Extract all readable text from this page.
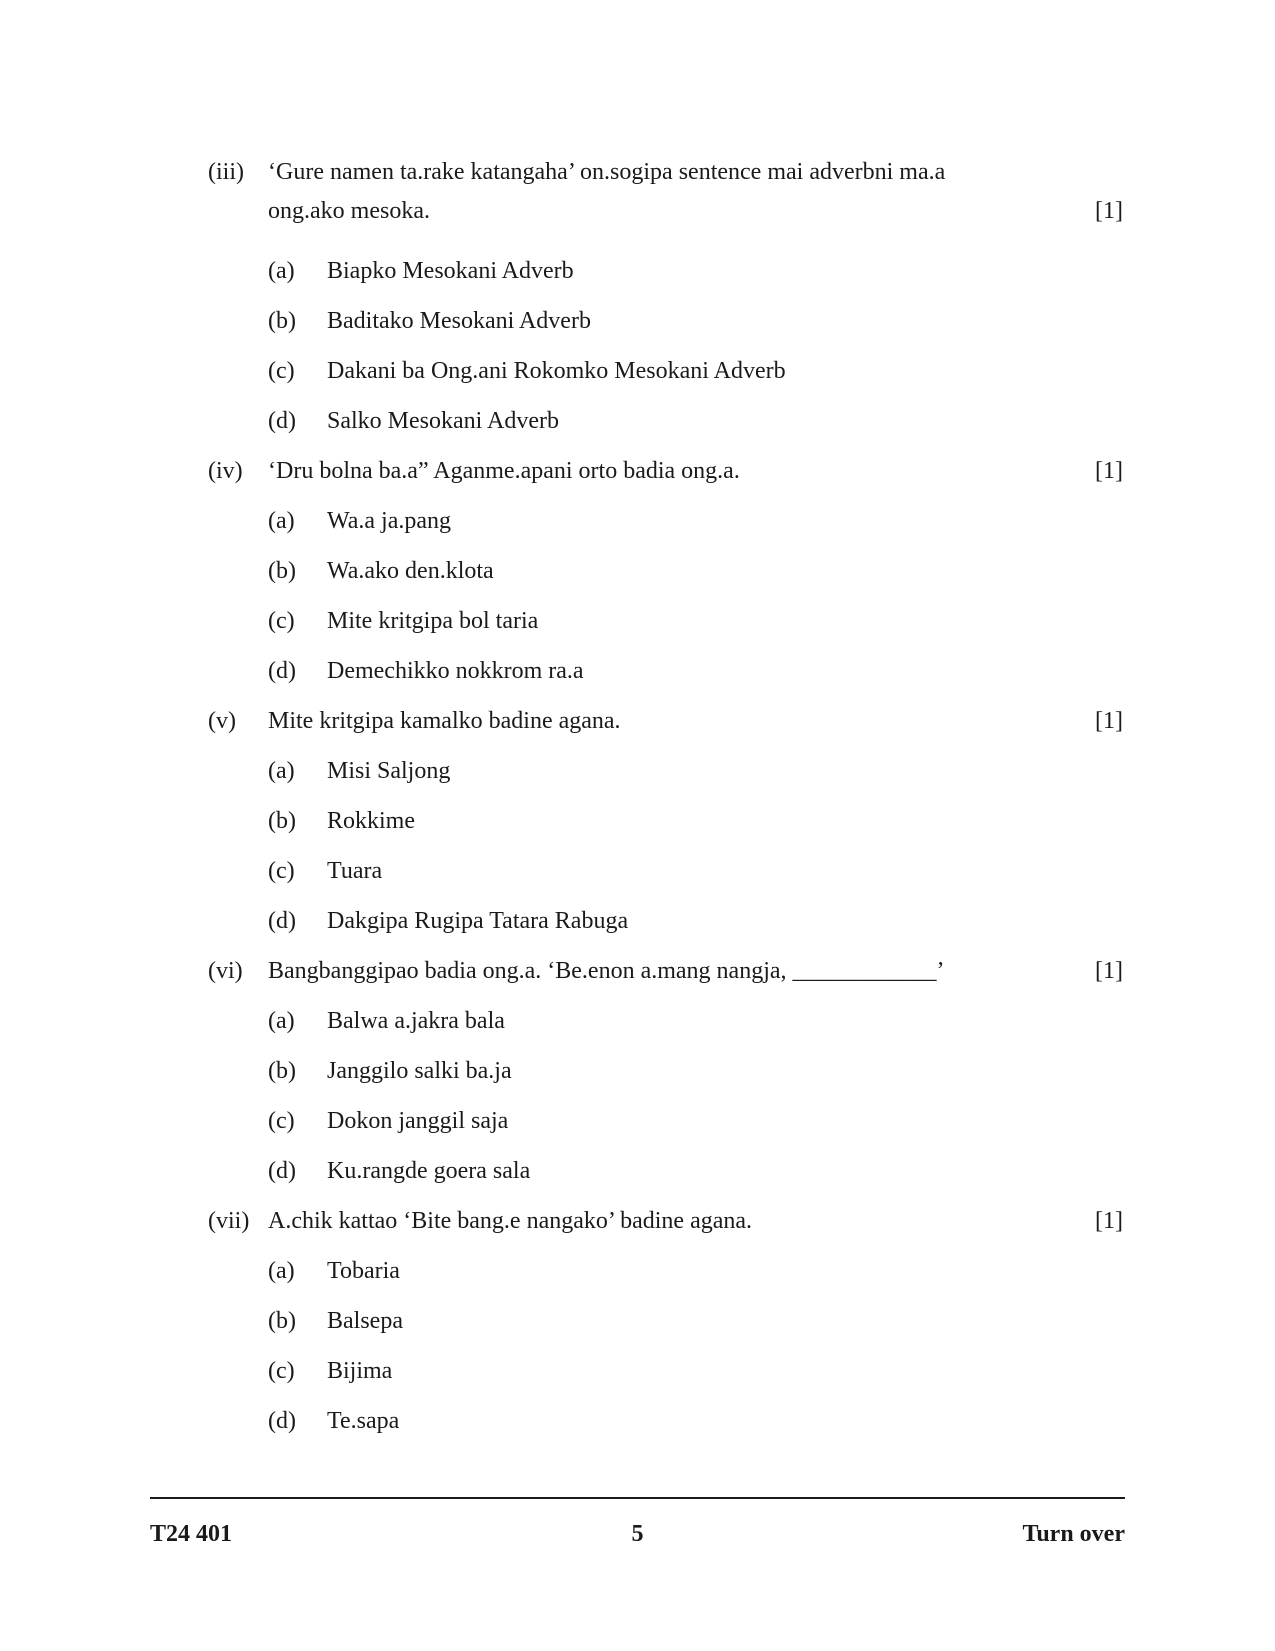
(iii) ‘Gure namen ta.rake katangaha’ on.sogipa sentence mai adverbni ma.a
ong.ako mesoka.	[1]
(a) Biapko Mesokani Adverb
(b) Baditako Mesokani Adverb
(c) Dakani ba Ong.ani Rokomko Mesokani Adverb
(d) Salko Mesokani Adverb
(iv) ‘Dru bolna ba.a” Aganme.apani orto badia ong.a.	[1]
(a) Wa.a ja.pang
(b) Wa.ako den.klota
(c) Mite kritgipa bol taria
(d) Demechikko nokkrom ra.a
(v) Mite kritgipa kamalko badine agana.	[1]
(a) Misi Saljong
(b) Rokkime
(c) Tuara
(d) Dakgipa Rugipa Tatara Rabuga
(vi) Bangbanggipao badia ong.a. ‘Be.enon a.mang nangja, ____________’	[1]
(a) Balwa a.jakra bala
(b) Janggilo salki ba.ja
(c) Dokon janggil saja
(d) Ku.rangde goera sala
(vii) A.chik kattao ‘Bite bang.e nangako’ badine agana.	[1]
(a) Tobaria
(b) Balsepa
(c) Bijima
(d) Te.sapa
T24 401	5	Turn over
